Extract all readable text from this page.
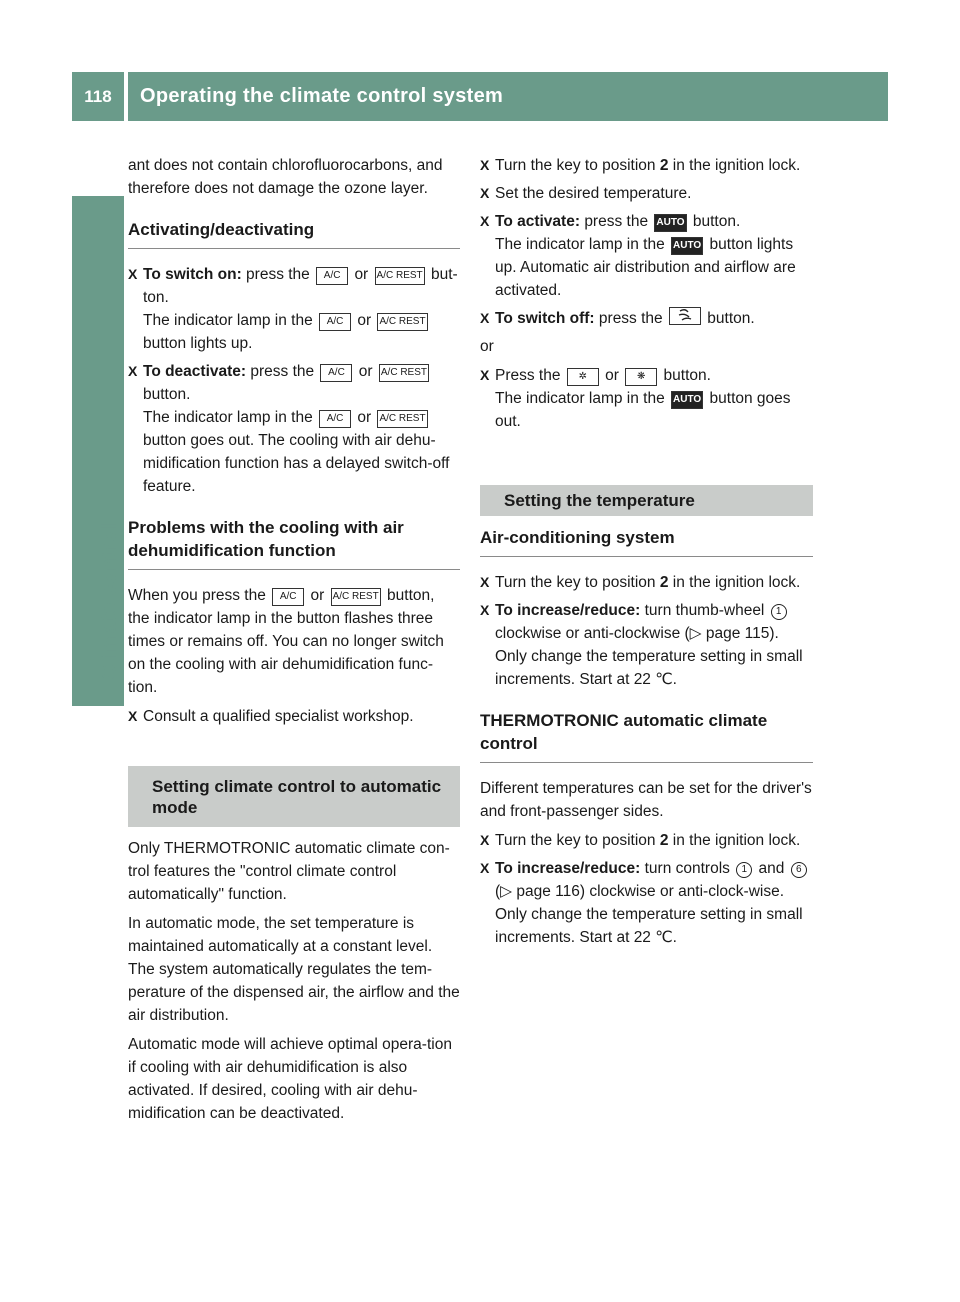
118	Operating the climate control system
Climate control

ant does not contain chlorofluorocarbons, and therefore does not damage the ozone layer.

Activating/deactivating
X To switch on: press the A/C or A/C REST but-ton.
The indicator lamp in the A/C or A/C REST button lights up.
X To deactivate: press the A/C or A/C REST button.
The indicator lamp in the A/C or A/C REST button goes out. The cooling with air dehu-midification function has a delayed switch-off feature.
Problems with the cooling with air dehumidification function

When you press the A/C or A/C REST button, the indicator lamp in the button flashes three times or remains off. You can no longer switch on the cooling with air dehumidification func-tion.

X Consult a qualified specialist workshop.
Setting climate control to automatic mode

Only THERMOTRONIC automatic climate con-trol features the "control climate control automatically" function.

In automatic mode, the set temperature is maintained automatically at a constant level. The system automatically regulates the tem-perature of the dispensed air, the airflow and the air distribution.

Automatic mode will achieve optimal opera-tion if cooling with air dehumidification is also activated. If desired, cooling with air dehu-midification can be deactivated.

X Turn the key to position 2 in the ignition lock.
X Set the desired temperature.
X To activate: press the AUTO button.
The indicator lamp in the AUTO button lights up. Automatic air distribution and airflow are activated.
X To switch off: press the	button.

or

X Press the ✲ or ❋ button.
The indicator lamp in the AUTO button goes out.
Setting the temperature
Air-conditioning system
X Turn the key to position 2 in the ignition lock.
X To increase/reduce: turn thumb-wheel 1 clockwise or anti-clockwise (▷ page 115).
Only change the temperature setting in small increments. Start at 22 ℃.
THERMOTRONIC automatic climate control

Different temperatures can be set for the driver's and front-passenger sides.

X Turn the key to position 2 in the ignition lock.
X To increase/reduce: turn controls 1 and 6 (▷ page 116) clockwise or anti-clock-wise.
Only change the temperature setting in small increments. Start at 22 ℃.
